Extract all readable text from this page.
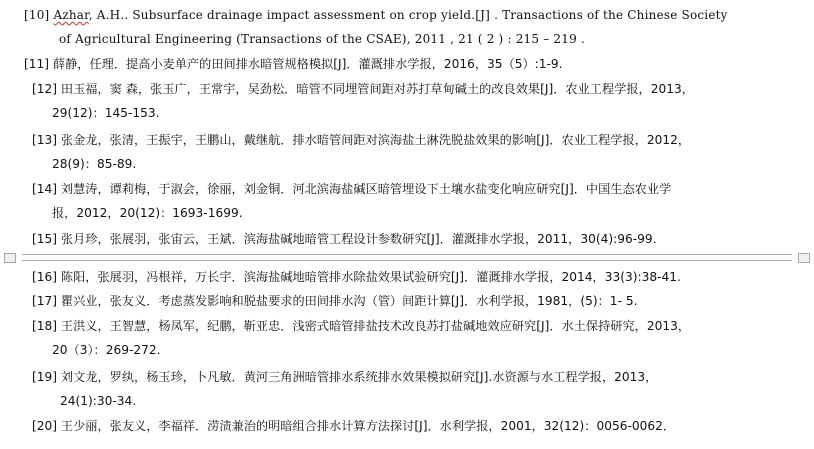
[10] Azhar, A.H.. Subsurface drainage impact assessment on crop yield.[J] . Transactions of the Chinese Society
of Agricultural Engineering (Transactions of the CSAE), 2011 , 21 ( 2 ) : 215 – 219 .
[11] 薛静，任理．提高小麦单产的田间排水暗管规格模拟[J]．灌溉排水学报，2016，35（5）:1-9.
[12] 田玉福，窦 森，张玉广，王常宇，吴劲松．暗管不同埋管间距对苏打草甸碱土的改良效果[J]．农业工程学报，2013，
29(12)：145-153.
[13] 张金龙，张清，王振宇，王鹏山，戴继航．排水暗管间距对滨海盐土淋洗脱盐效果的影响[J]．农业工程学报，2012，
28(9)：85-89.
[14] 刘慧涛，谭莉梅，于淑会，徐丽，刘金铜．河北滨海盐碱区暗管埋设下土壤水盐变化响应研究[J]．中国生态农业学
报，2012，20(12)：1693-1699.
[15] 张月珍，张展羽，张宙云，王斌．滨海盐碱地暗管工程设计参数研究[J]．灌溉排水学报，2011，30(4):96-99.
[16] 陈阳，张展羽，冯根祥，万长宇．滨海盐碱地暗管排水除盐效果试验研究[J]．灌溉排水学报，2014，33(3):38-41.
[17] 瞿兴业，张友义．考虑蒸发影响和脱盐要求的田间排水沟（管）间距计算[J]．水利学报，1981，(5)：1- 5.
[18] 王洪义，王智慧，杨凤军，纪鹏，靳亚忠．浅密式暗管排盐技术改良苏打盐碱地效应研究[J]．水土保持研究，2013，
20（3）：269-272.
[19] 刘文龙，罗纨，杨玉珍，卜凡敏．黄河三角洲暗管排水系统排水效果模拟研究[J].水资源与水工程学报，2013，
24(1):30-34.
[20] 王少丽，张友义，李福祥．涝渍兼治的明暗组合排水计算方法探讨[J]．水利学报，2001，32(12)：0056-0062．
